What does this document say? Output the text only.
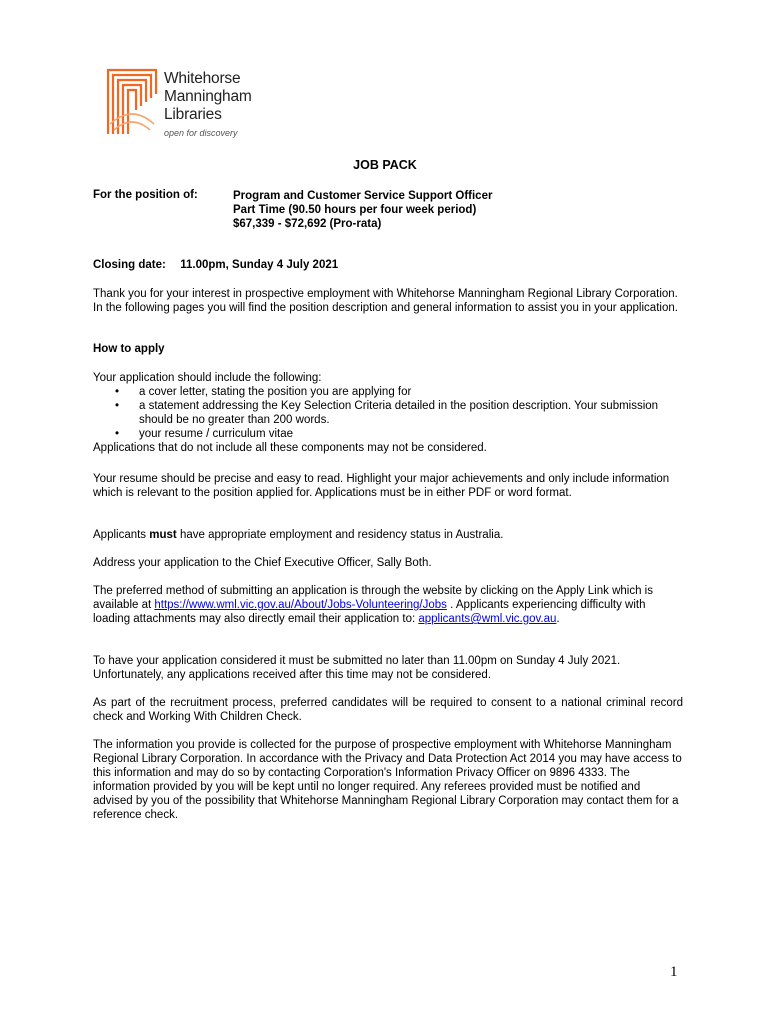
Whitehorse
Manningham
Libraries
open for discovery
JOB PACK
For the position of:	Program and Customer Service Support Officer
Part Time (90.50 hours per four week period)
$67,339 - $72,692 (Pro-rata)
Closing date: 11.00pm, Sunday 4 July 2021
Thank you for your interest in prospective employment with Whitehorse Manningham Regional Library Corporation. In the following pages you will find the position description and general information to assist you in your application.
How to apply
Your application should include the following:
• a cover letter, stating the position you are applying for
• a statement addressing the Key Selection Criteria detailed in the position description. Your submission should be no greater than 200 words.
• your resume / curriculum vitae
Applications that do not include all these components may not be considered.
Your resume should be precise and easy to read. Highlight your major achievements and only include information which is relevant to the position applied for. Applications must be in either PDF or word format.
Applicants must have appropriate employment and residency status in Australia.
Address your application to the Chief Executive Officer, Sally Both.
The preferred method of submitting an application is through the website by clicking on the Apply Link which is available at https://www.wml.vic.gov.au/About/Jobs-Volunteering/Jobs . Applicants experiencing difficulty with loading attachments may also directly email their application to: applicants@wml.vic.gov.au.
To have your application considered it must be submitted no later than 11.00pm on Sunday 4 July 2021. Unfortunately, any applications received after this time may not be considered.
As part of the recruitment process, preferred candidates will be required to consent to a national criminal record check and Working With Children Check.
The information you provide is collected for the purpose of prospective employment with Whitehorse Manningham Regional Library Corporation. In accordance with the Privacy and Data Protection Act 2014 you may have access to this information and may do so by contacting Corporation's Information Privacy Officer on 9896 4333. The information provided by you will be kept until no longer required. Any referees provided must be notified and advised by you of the possibility that Whitehorse Manningham Regional Library Corporation may contact them for a reference check.
1
